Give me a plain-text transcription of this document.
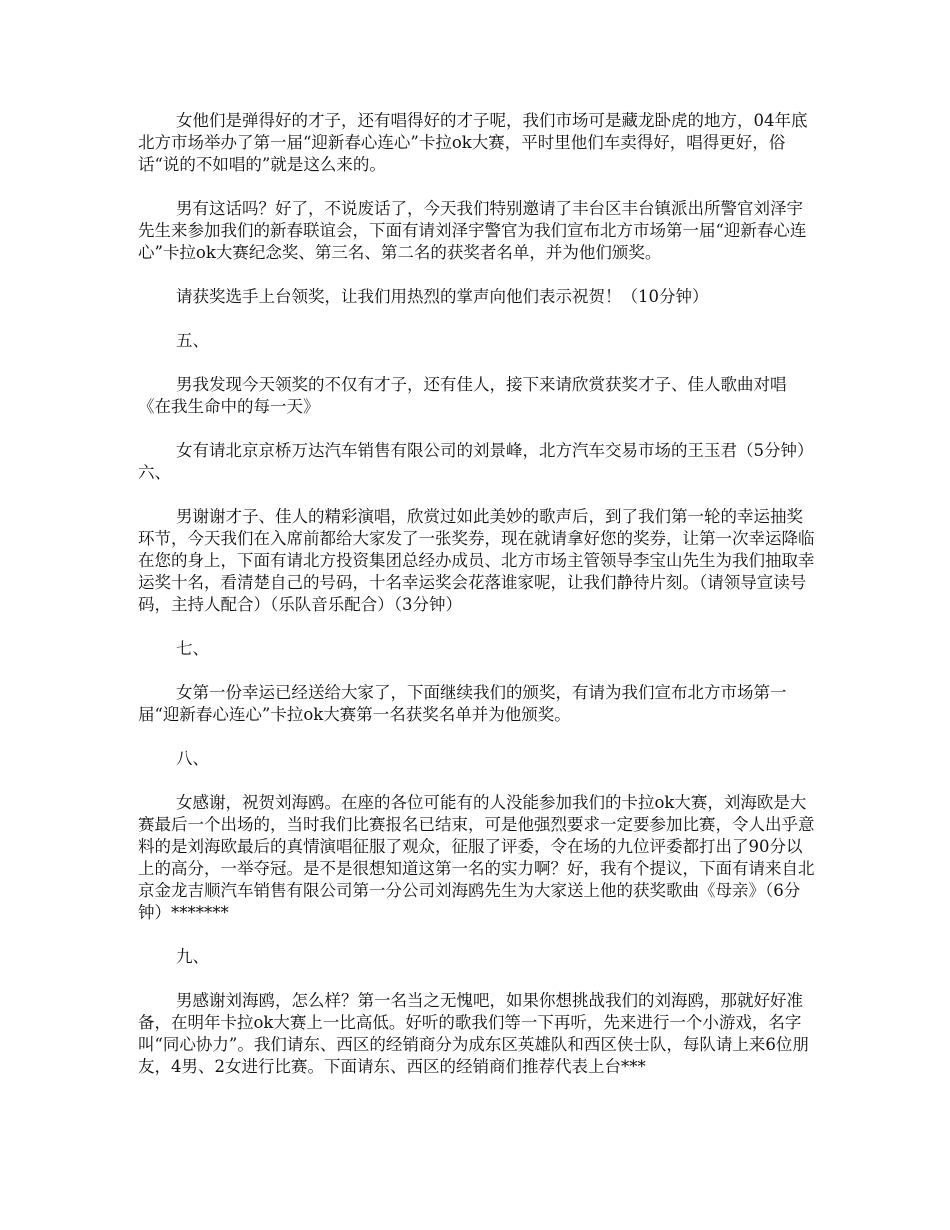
女他们是弹得好的才子，还有唱得好的才子呢，我们市场可是藏龙卧虎的地方，04年底北方市场举办了第一届“迎新春心连心”卡拉ok大赛，平时里他们车卖得好，唱得更好，俗话“说的不如唱的”就是这么来的。

男有这话吗？好了，不说废话了，今天我们特别邀请了丰台区丰台镇派出所警官刘泽宇先生来参加我们的新春联谊会，下面有请刘泽宇警官为我们宣布北方市场第一届“迎新春心连心”卡拉ok大赛纪念奖、第三名、第二名的获奖者名单，并为他们颁奖。

请获奖选手上台领奖，让我们用热烈的掌声向他们表示祝贺！（10分钟）

五、

男我发现今天领奖的不仅有才子，还有佳人，接下来请欣赏获奖才子、佳人歌曲对唱《在我生命中的每一天》

女有请北京京桥万达汽车销售有限公司的刘景峰，北方汽车交易市场的王玉君（5分钟）六、

男谢谢才子、佳人的精彩演唱，欣赏过如此美妙的歌声后，到了我们第一轮的幸运抽奖环节，今天我们在入席前都给大家发了一张奖券，现在就请拿好您的奖券，让第一次幸运降临在您的身上，下面有请北方投资集团总经办成员、北方市场主管领导李宝山先生为我们抽取幸运奖十名，看清楚自己的号码，十名幸运奖会花落谁家呢，让我们静待片刻。（请领导宣读号码，主持人配合）（乐队音乐配合）（3分钟）

七、

女第一份幸运已经送给大家了，下面继续我们的颁奖，有请为我们宣布北方市场第一届“迎新春心连心”卡拉ok大赛第一名获奖名单并为他颁奖。

八、

女感谢，祝贺刘海鸥。在座的各位可能有的人没能参加我们的卡拉ok大赛，刘海欧是大赛最后一个出场的，当时我们比赛报名已结束，可是他强烈要求一定要参加比赛，令人出乎意料的是刘海欧最后的真情演唱征服了观众，征服了评委，令在场的九位评委都打出了90分以上的高分，一举夺冠。是不是很想知道这第一名的实力啊？好，我有个提议，下面有请来自北京金龙吉顺汽车销售有限公司第一分公司刘海鸥先生为大家送上他的获奖歌曲《母亲》（6分钟）*******

九、

男感谢刘海鸥，怎么样？第一名当之无愧吧，如果你想挑战我们的刘海鸥，那就好好准备，在明年卡拉ok大赛上一比高低。好听的歌我们等一下再听，先来进行一个小游戏，名字叫“同心协力”。我们请东、西区的经销商分为成东区英雄队和西区侠士队，每队请上来6位朋友，4男、2女进行比赛。下面请东、西区的经销商们推荐代表上台***
